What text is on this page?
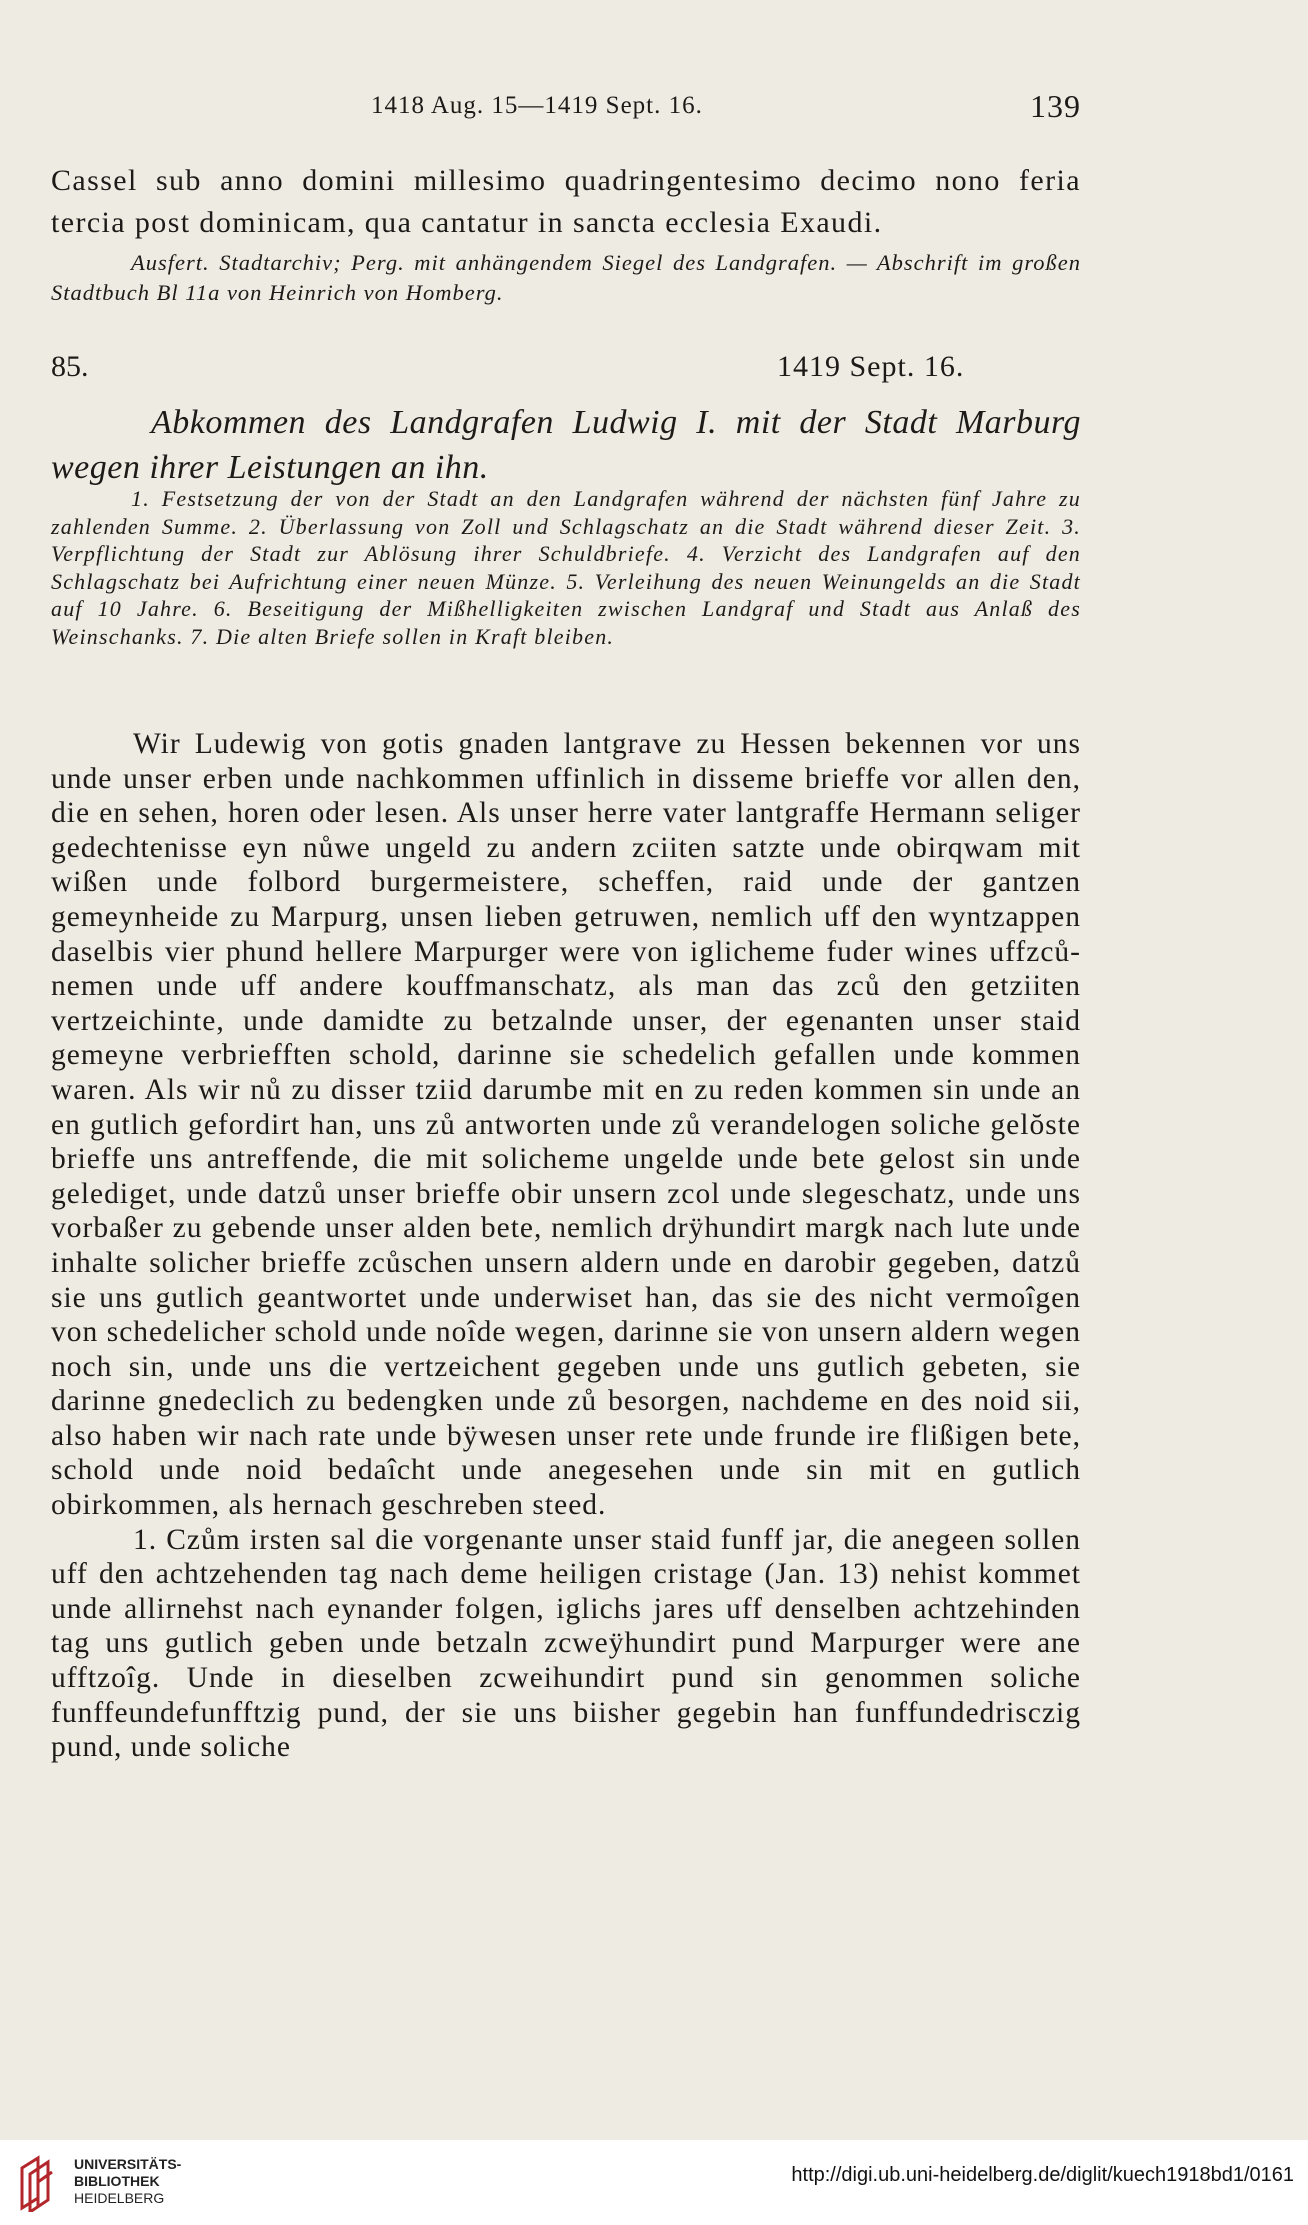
1418 Aug. 15—1419 Sept. 16.	139
Cassel sub anno domini millesimo quadringentesimo decimo nono feria tercia post dominicam, qua cantatur in sancta ecclesia Exaudi.
Ausfert. Stadtarchiv; Perg. mit anhängendem Siegel des Landgrafen. — Abschrift im großen Stadtbuch Bl 11a von Heinrich von Homberg.
85.	1419 Sept. 16.
Abkommen des Landgrafen Ludwig I. mit der Stadt Marburg wegen ihrer Leistungen an ihn.
1. Festsetzung der von der Stadt an den Landgrafen während der nächsten fünf Jahre zu zahlenden Summe. 2. Überlassung von Zoll und Schlagschatz an die Stadt während dieser Zeit. 3. Verpflichtung der Stadt zur Ablösung ihrer Schuldbriefe. 4. Verzicht des Landgrafen auf den Schlagschatz bei Aufrichtung einer neuen Münze. 5. Verleihung des neuen Weinungelds an die Stadt auf 10 Jahre. 6. Beseitigung der Mißhelligkeiten zwischen Landgraf und Stadt aus Anlaß des Weinschanks. 7. Die alten Briefe sollen in Kraft bleiben.

Wir Ludewig von gotis gnaden lantgrave zu Hessen bekennen vor uns unde unser erben unde nachkommen uffinlich in disseme brieffe vor allen den, die en sehen, horen oder lesen. Als unser herre vater lantgraffe Hermann seliger gedechtenisse eyn nůwe ungeld zu andern zciiten satzte unde obirqwam mit wißen unde folbord burgermeistere, scheffen, raid unde der gantzen gemeynheide zu Marpurg, unsen lieben getruwen, nemlich uff den wyntzappen daselbis vier phund hellere Marpurger were von iglicheme fuder wines uffzců-nemen unde uff andere kouffmanschatz, als man das zců den getziiten vertzeichinte, unde damidte zu betzalnde unser, der egenanten unser staid gemeyne verbriefften schold, darinne sie schedelich gefallen unde kommen waren. Als wir nů zu disser tziid darumbe mit en zu reden kommen sin unde an en gutlich gefordirt han, uns zů antworten unde zů verandelogen soliche gelŏste brieffe uns antreffende, die mit solicheme ungelde unde bete gelost sin unde gelediget, unde datzů unser brieffe obir unsern zcol unde slegeschatz, unde uns vorbaßer zu gebende unser alden bete, nemlich drÿhundirt margk nach lute unde inhalte solicher brieffe zcůschen unsern aldern unde en darobir gegeben, datzů sie uns gutlich geantwortet unde underwiset han, das sie des nicht vermoîgen von schedelicher schold unde noîde wegen, darinne sie von unsern aldern wegen noch sin, unde uns die vertzeichent gegeben unde uns gutlich gebeten, sie darinne gnedeclich zu bedengken unde zů besorgen, nachdeme en des noid sii, also haben wir nach rate unde bÿwesen unser rete unde frunde ire flißigen bete, schold unde noid bedaîcht unde anegesehen unde sin mit en gutlich obirkommen, als hernach geschreben steed.

1. Czům irsten sal die vorgenante unser staid funff jar, die anegeen sollen uff den achtzehenden tag nach deme heiligen cristage (Jan. 13) nehist kommet unde allirnehst nach eynander folgen, iglichs jares uff denselben achtzehinden tag uns gutlich geben unde betzaln zcweÿhundirt pund Marpurger were ane ufftzoîg. Unde in dieselben zcweihundirt pund sin genommen soliche funffeundefunfftzig pund, der sie uns biisher gegebin han funffundedrisczig pund, unde soliche

UNIVERSITÄTS-
BIBLIOTHEK
HEIDELBERG
http://digi.ub.uni-heidelberg.de/diglit/kuech1918bd1/0161
